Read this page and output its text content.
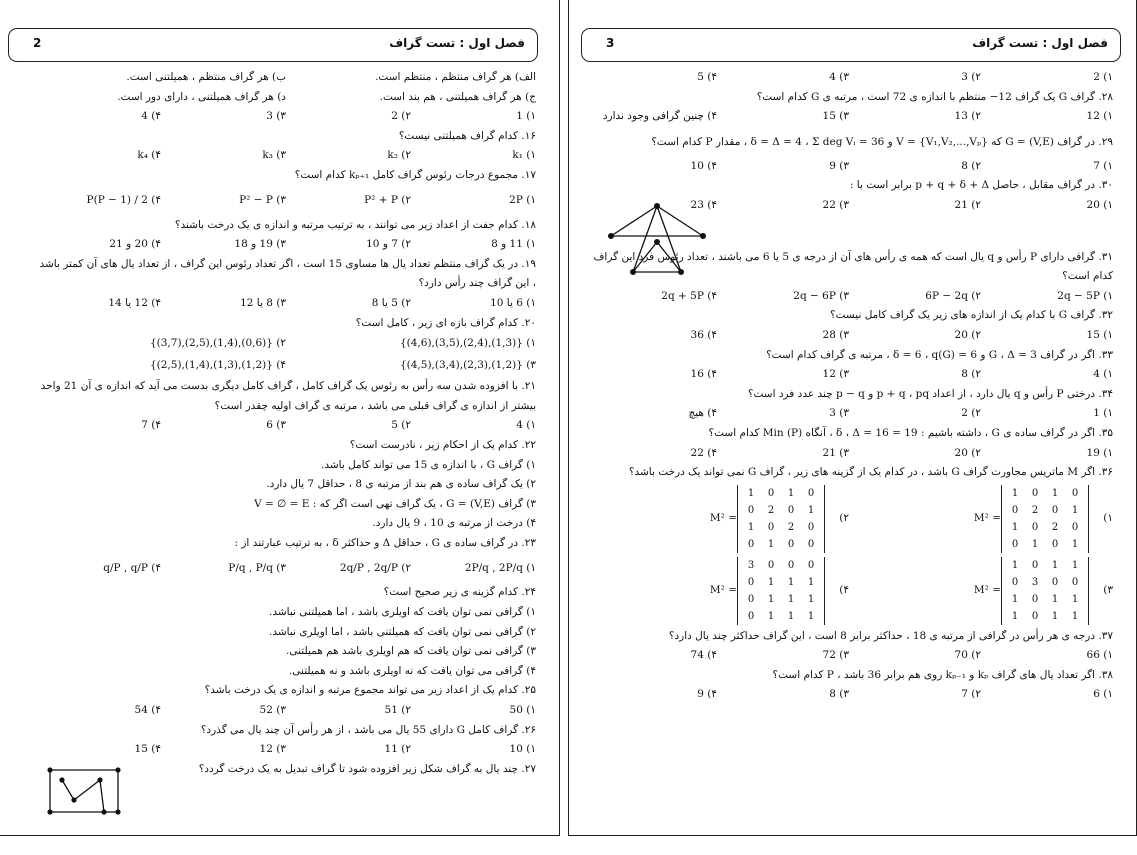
فصل اول : تست گراف
2
الف) هر گراف منتظم ، منتظم است.
ب) هر گراف منتظم ، همیلتنی است.
ج) هر گراف همیلتنی ، هم بند است.
د) هر گراف همیلتنی ، دارای دور است.
۱) 1
۲) 2
۳) 3
۴) 4
۱۶. کدام گراف همیلتنی نیست؟
۱) k₁
۲) k₂
۳) k₃
۴) k₄
۱۷. مجموع درجات رئوس گراف کامل kₚ₊₁ کدام است؟
۱) 2P
۲) P² + P
۳) P² − P
۴) P(P − 1) / 2
۱۸. کدام جفت از اعداد زیر می توانند ، به ترتیب مرتبه و اندازه ی یک درخت باشند؟
۱) 11 و 8
۲) 7 و 10
۳) 19 و 18
۴) 20 و 21
۱۹. در یک گراف منتظم تعداد یال ها مساوی 15 است ، اگر تعداد رئوس این گراف ، از تعداد یال های آن کمتر باشد ، این گراف چند رأس دارد؟
۱) 6 یا 10
۲) 5 یا 8
۳) 8 یا 12
۴) 12 یا 14
۲۰. کدام گراف بازه ای زیر ، کامل است؟
۱) {(1,3),(2,4),(3,5),(4,6)}
۲) {(0,6),(1,4),(2,5),(3,7)}
۳) {(1,2),(2,3),(3,4),(4,5)}
۴) {(1,2),(1,3),(1,4),(2,5)}
۲۱. با افزوده شدن سه رأس به رئوس یک گراف کامل ، گراف کامل دیگری بدست می آید که اندازه ی آن 21 واحد بیشتر از اندازه ی گراف قبلی می باشد ، مرتبه ی گراف اولیه چقدر است؟
۱) 4
۲) 5
۳) 6
۴) 7
۲۲. کدام یک از احکام زیر ، نادرست است؟
۱) گراف G ، با اندازه ی 15 می تواند کامل باشد.
۲) یک گراف ساده ی هم بند از مرتبه ی 8 ، حداقل 7 یال دارد.
۳) گراف G = (V,E) ، یک گراف تهی است اگر که : V = ∅ = E
۴) درخت از مرتبه ی 10 ، 9 یال دارد.
۲۳. در گراف ساده ی G ، حداقل Δ و حداکثر δ ، به ترتیب عبارتند از :
۱) 2P/q , 2P/q
۲) 2q/P , 2q/P
۳) P/q , P/q
۴) q/P , q/P
۲۴. کدام گزینه ی زیر صحیح است؟
۱) گرافی نمی توان یافت که اویلری باشد ، اما همیلتنی نباشد.
۲) گرافی نمی توان یافت که همیلتنی باشد ، اما اویلری نباشد.
۳) گرافی نمی توان یافت که هم اویلری باشد هم همیلتنی.
۴) گرافی می توان یافت که نه اویلری باشد و نه همیلتنی.
۲۵. کدام یک از اعداد زیر می تواند مجموع مرتبه و اندازه ی یک درخت باشد؟
۱) 50
۲) 51
۳) 52
۴) 54
۲۶. گراف کامل G دارای 55 یال می باشد ، از هر رأس آن چند یال می گذرد؟
۱) 10
۲) 11
۳) 12
۴) 15
۲۷. چند یال به گراف شکل زیر افزوده شود تا گراف تبدیل به یک درخت گردد؟
فصل اول : تست گراف
3
۱) 2
۲) 3
۳) 4
۴) 5
۲۸. گراف G یک گراف 12− منتظم با اندازه ی 72 است ، مرتبه ی G کدام است؟
۱) 12
۲) 13
۳) 15
۴) چنین گرافی وجود ندارد
۲۹. در گراف G = (V,E) که V = {V₁,V₂,...,Vₚ} و δ = Δ = 4 ، Σ deg Vᵢ = 36 ، مقدار P کدام است؟
۱) 7
۲) 8
۳) 9
۴) 10
۳۰. در گراف مقابل ، حاصل p + q + δ + Δ برابر است با :
۱) 20
۲) 21
۳) 22
۴) 23
۳۱. گرافی دارای P رأس و q یال است که همه ی رأس های آن از درجه ی 5 یا 6 می باشند ، تعداد رئوس فرد این گراف کدام است؟
۱) 2q − 5P
۲) 6P − 2q
۳) 2q − 6P
۴) 2q + 5P
۳۲. گراف G با کدام یک از اندازه های زیر یک گراف کامل نیست؟
۱) 15
۲) 20
۳) 28
۴) 36
۳۳. اگر در گراف G ، Δ = 3 و δ = 6 ، q(G) = 6 ، مرتبه ی گراف کدام است؟
۱) 4
۲) 8
۳) 12
۴) 16
۳۴. درختی P رأس و q یال دارد ، از اعداد p + q ، pq و p − q چند عدد فرد است؟
۱) 1
۲) 2
۳) 3
۴) هیچ
۳۵. اگر در گراف ساده ی G ، داشته باشیم : 19 = δ ، Δ = 16 ، آنگاه Min (P) کدام است؟
۱) 19
۲) 20
۳) 21
۴) 22
۳۶. اگر M ماتریس مجاورت گراف G باشد ، در کدام یک از گزینه های زیر ، گراف G نمی تواند یک درخت باشد؟
۱)
1	0	1	0
0	2	0	1
1	0	2	0
0	1	0	1
M² =
۲)
1	0	1	0
0	2	0	1
1	0	2	0
0	1	0	0
M² =
۳)
1	0	1	1
0	3	0	0
1	0	1	1
1	0	1	1
M² =
۴)
3	0	0	0
0	1	1	1
0	1	1	1
0	1	1	1
M² =
۳۷. درجه ی هر رأس در گرافی از مرتبه ی 18 ، حداکثر برابر 8 است ، این گراف حداکثر چند یال دارد؟
۱) 66
۲) 70
۳) 72
۴) 74
۳۸. اگر تعداد یال های گراف kₚ و kₚ₋₁ روی هم برابر 36 باشد ، P کدام است؟
۱) 6
۲) 7
۳) 8
۴) 9
